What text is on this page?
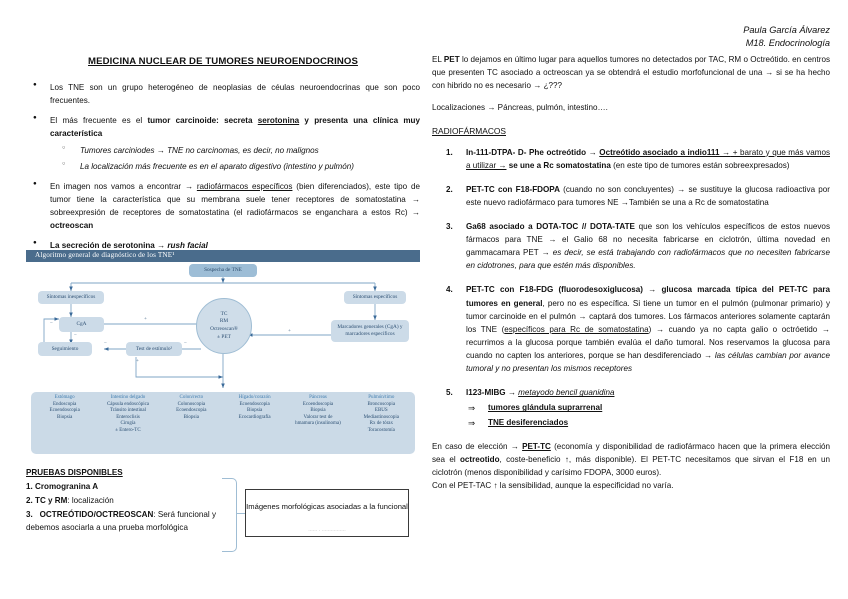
MEDICINA NUCLEAR DE TUMORES NEUROENDOCRINOS
● Los TNE son un grupo heterogéneo de neoplasias de céulas neuroendocrinas que son poco frecuentes.
● El más frecuente es el tumor carcinoide: secreta serotonina y presenta una clínica muy característica
○ Tumores carciniodes → TNE no carcinomas, es decir, no malignos
○ La localización más frecuente es en el aparato digestivo (intestino y pulmón)
● En imagen nos vamos a encontrar → radiofármacos específicos (bien diferenciados), este tipo de tumor tiene la característica que su membrana suele tener receptores de somatostatina → sobreexpresión de receptores de somatostatina (el radiofármacos se enganchara a estos Rc) → octreoscan
● La secreción de serotonina → rush facial
Algoritmo general de diagnóstico de los TNE¹
Sospecha de TNE
Síntomas inespecíficos	Síntomas específicos
CgA
Marcadores generales (CgA) y marcadores específicos
Seguimiento	Test de estímulo²
TC
RM
Octreoscan®
± PET
+
+
+
−
−
−	−
Estómago
Endoscopia
Ecoendoscopia
Biopsia
Intestino delgado
Cápsula endoscópica
Tránsito intestinal
Enteroclisis
Cirugía
± Entero-TC
Colon/recto
Colonoscopia
Ecoendoscopia
Biopsia
Hígado/corazón
Ecoendoscopia
Biopsia
Ecocardiografía
Páncreas
Ecoendoscopia
Biopsia
Valorar test de
hmamura (insulinoma)
Pulmón/timo
Broncoscopia
EBUS
Mediastinoscopia
Rx de tórax
Toracostomía
PRUEBAS DISPONIBLES
1. Cromogranina A
2. TC y RM: localización
3. OCTREÓTIDO/OCTREOSCAN: Será funcional y debemos asociarla a una prueba morfológica
Imágenes morfológicas asociadas a la funcional
...... . ................
Paula García Álvarez
M18. Endocrinología
EL PET lo dejamos en último lugar para aquellos tumores no detectados por TAC, RM o Octreótido. en centros que presenten TC asociado a octreoscan ya se obtendrá el estudio morfofuncional de una → si se ha hecho con hibrido no es necesario → ¿???
Localizaciones → Páncreas, pulmón, intestino….
RADIOFÁRMACOS
1. In-111-DTPA- D- Phe octreótido → Octreótido asociado a indio111 → + barato y que más vamos a utilizar → se une a Rc somatostatina (en este tipo de tumores están sobreexpresados)
2. PET-TC con F18-FDOPA (cuando no son concluyentes) → se sustituye la glucosa radioactiva por este nuevo radiofármaco para tumores NE →También se una a Rc de somatostatina
3. Ga68 asociado a DOTA-TOC // DOTA-TATE que son los vehículos específicos de estos nuevos fármacos para TNE → el Galio 68 no necesita fabricarse en ciclotrón, última novedad en gammacamara PET → es decir, se está trabajando con radiofármacos que no necesiten fabricarse en cidotrones, para que estén más disponibles.
4. PET-TC con F18-FDG (fluorodesoxiglucosa) → glucosa marcada típica del PET-TC para tumores en general, pero no es específica. Si tiene un tumor en el pulmón (pulmonar primario) y tumor carcinoide en el pulmón → captará dos tumores. Los fármacos anteriores solamente captarán los TNE (específicos para Rc de somatostatina) → cuando ya no capta galio o octróetido → recurrimos a la glucosa porque también evalúa el daño tumoral. Nos reservamos la glucosa para cuando no capten los anteriores, porque se han desdiferenciado → las células cambian por avance tumoral y no presentan los mismos receptores
5. I123-MIBG → metayodo bencil guanidina
⇒ tumores glándula suprarrenal
⇒ TNE desiferenciados
En caso de elección → PET-TC (economía y disponibilidad de radiofármaco hacen que la primera elección sea el octreotido, coste-beneficio ↑, más disponible). El PET-TC necesitamos que sirvan el F18 en un ciclotrón (menos disponibilidad y carísimo FDOPA, 3000 euros).
Con el PET-TAC ↑ la sensibilidad, aunque la especificidad no varía.
